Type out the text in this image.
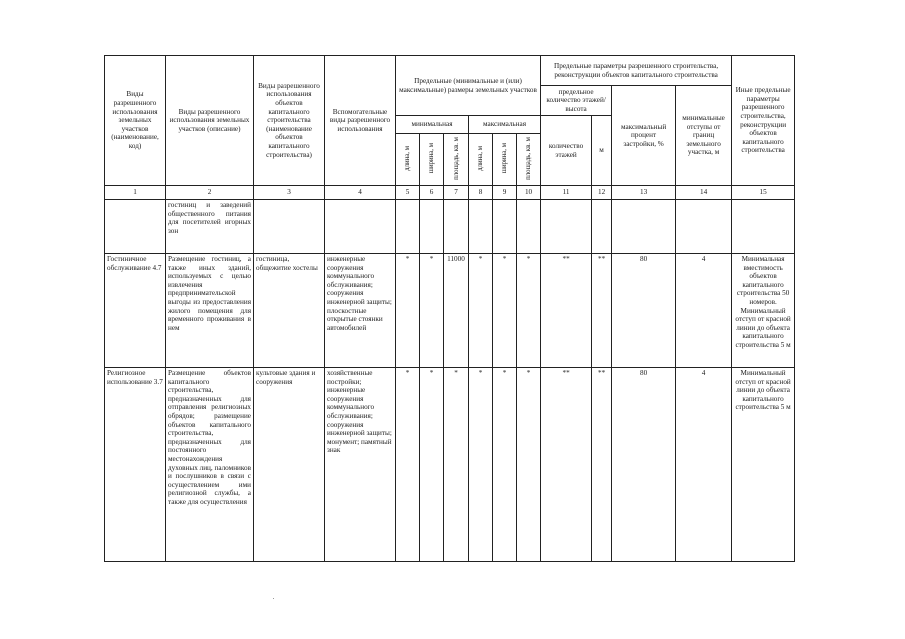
Виды разрешенного использования земельных участков (наименование, код)	Виды разрешенного использования земельных участков (описание)	Виды разрешенного использования объектов капитального строительства (наименование объектов капитального строительства)	Вспомогательные виды разрешенного использования	Предельные (минимальные и (или) максимальные) размеры земельных участков						Предельные параметры разрешенного строительства, реконструкции объектов капитального строительства				Иные предельные параметры разрешенного строительства, реконструкции объектов капитального строительства
										предельное количество этажей/высота		максимальный процент застройки, %	минимальные отступы от границ земельного участка, м	
				минимальная			максимальная			количество этажей	м			
				длина, м	ширина, м	площадь, кв. м	длина, м	ширина, м	площадь, кв. м					
1	2	3	4	5	6	7	8	9	10	11	12	13	14	15
	гостиниц и заведений общественного питания для посетителей игорных зон													
Гостиничное обслуживание 4.7	Размещение гостиниц, а также иных зданий, используемых с целью извлечения предпринимательской выгоды из предоставления жилого помещения для временного проживания в нем	гостиница, общежитие хостелы	инженерные сооружения коммунального обслуживания; сооружения инженерной защиты; плоскостные открытые стоянки автомобилей	*	*	11000	*	*	*	**	**	80	4	Минимальная вместимость объектов капитального строительства 50 номеров. Минимальный отступ от красной линии до объекта капитального строительства 5 м
Религиозное использование 3.7	Размещение объектов капитального строительства, предназначенных для отправления религиозных обрядов; размещение объектов капитального строительства, предназначенных для постоянного местонахождения духовных лиц, паломников и послушников в связи с осуществлением ими религиозной службы, а также для осуществления	культовые здания и сооружения	хозяйственные постройки; инженерные сооружения коммунального обслуживания; сооружения инженерной защиты; монумент; памятный знак	*	*	*	*	*	*	**	**	80	4	Минимальный отступ от красной линии до объекта капитального строительства 5 м
